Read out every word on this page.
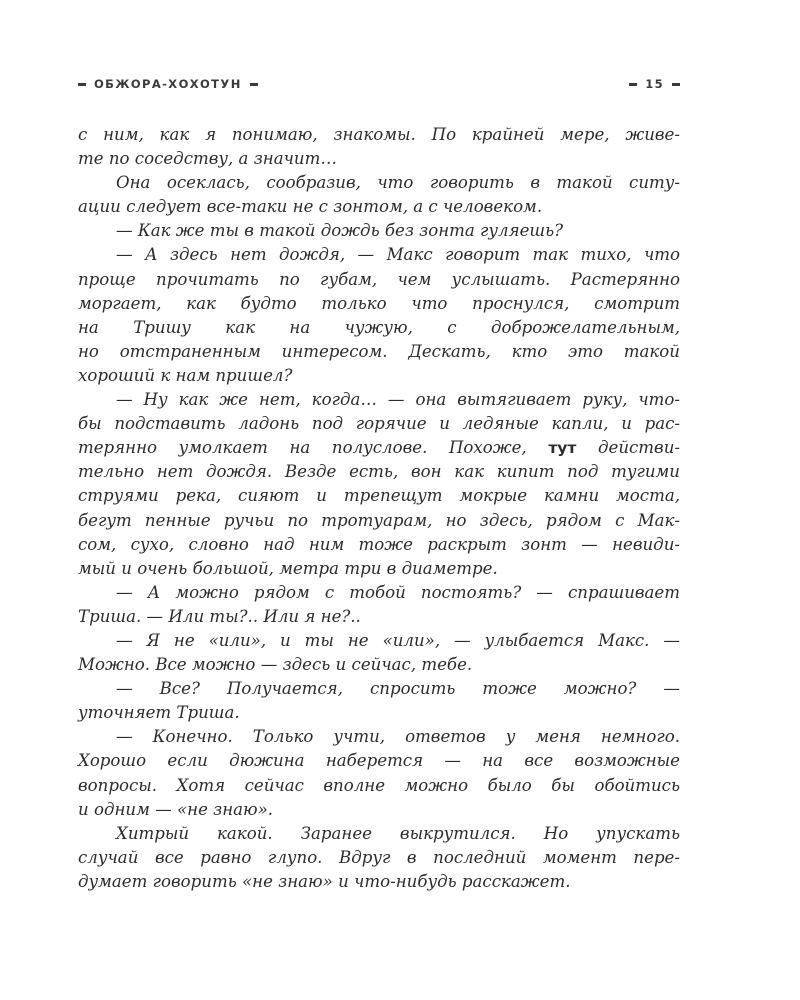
ОБЖОРА-ХОХОТУН	15
с ним, как я понимаю, знакомы. По крайней мере, живе-
те по соседству, а значит…
Она осеклась, сообразив, что говорить в такой ситу-
ации следует все-таки не с зонтом, а с человеком.
— Как же ты в такой дождь без зонта гуляешь?
— А здесь нет дождя, — Макс говорит так тихо, что
проще прочитать по губам, чем услышать. Растерянно
моргает, как будто только что проснулся, смотрит
на Тришу как на чужую, с доброжелательным,
но отстраненным интересом. Дескать, кто это такой
хороший к нам пришел?
— Ну как же нет, когда… — она вытягивает руку, что-
бы подставить ладонь под горячие и ледяные капли, и рас-
терянно умолкает на полуслове. Похоже, тут действи-
тельно нет дождя. Везде есть, вон как кипит под тугими
струями река, сияют и трепещут мокрые камни моста,
бегут пенные ручьи по тротуарам, но здесь, рядом с Мак-
сом, сухо, словно над ним тоже раскрыт зонт — невиди-
мый и очень большой, метра три в диаметре.
— А можно рядом с тобой постоять? — спрашивает
Триша. — Или ты?.. Или я не?..
— Я не «или», и ты не «или», — улыбается Макс. —
Можно. Все можно — здесь и сейчас, тебе.
— Все? Получается, спросить тоже можно? —
уточняет Триша.
— Конечно. Только учти, ответов у меня немного.
Хорошо если дюжина наберется — на все возможные
вопросы. Хотя сейчас вполне можно было бы обойтись
и одним — «не знаю».
Хитрый какой. Заранее выкрутился. Но упускать
случай все равно глупо. Вдруг в последний момент пере-
думает говорить «не знаю» и что-нибудь расскажет.
